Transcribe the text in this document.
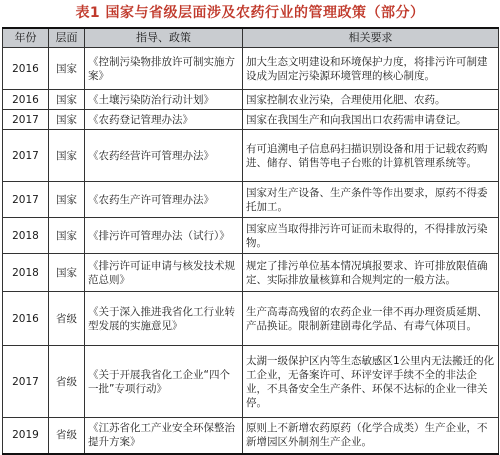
表1 国家与省级层面涉及农药行业的管理政策（部分）
年份	层面	指导、政策	相关要求
2016	国家	《控制污染物排放许可制实施方案》	加大生态文明建设和环境保护力度，将排污许可制建设成为固定污染源环境管理的核心制度。
2016	国家	《土壤污染防治行动计划》	国家控制农业污染，合理使用化肥、农药。
2017	国家	《农药登记管理办法》	国家在我国生产和向我国出口农药需申请登记。
2017	国家	《农药经营许可管理办法》	有可追溯电子信息码扫描识别设备和用于记载农药购进、储存、销售等电子台账的计算机管理系统等。
2017	国家	《农药生产许可管理办法》	国家对生产设备、生产条件等作出要求，原药不得委托加工。
2018	国家	《排污许可管理办法（试行）》	国家应当取得排污许可证而未取得的，不得排放污染物。
2018	国家	《排污许可证申请与核发技术规范总则》	规定了排污单位基本情况填报要求、许可排放限值确定、实际排放量核算和合规判定的一般方法。
2016	省级	《关于深入推进我省化工行业转型发展的实施意见》	生产高毒高残留的农药企业一律不再办理资质延期、产品换证。限制新建剧毒化学品、有毒气体项目。
2017	省级	《关于开展我省化工企业“四个一批”专项行动》	太湖一级保护区内等生态敏感区1公里内无法搬迁的化工企业，无备案许可、环评安评手续不全的非法企业，不具备安全生产条件、环保不达标的企业一律关停。
2019	省级	《江苏省化工产业安全环保整治提升方案》	原则上不新增农药原药（化学合成类）生产企业，不新增园区外制剂生产企业。
